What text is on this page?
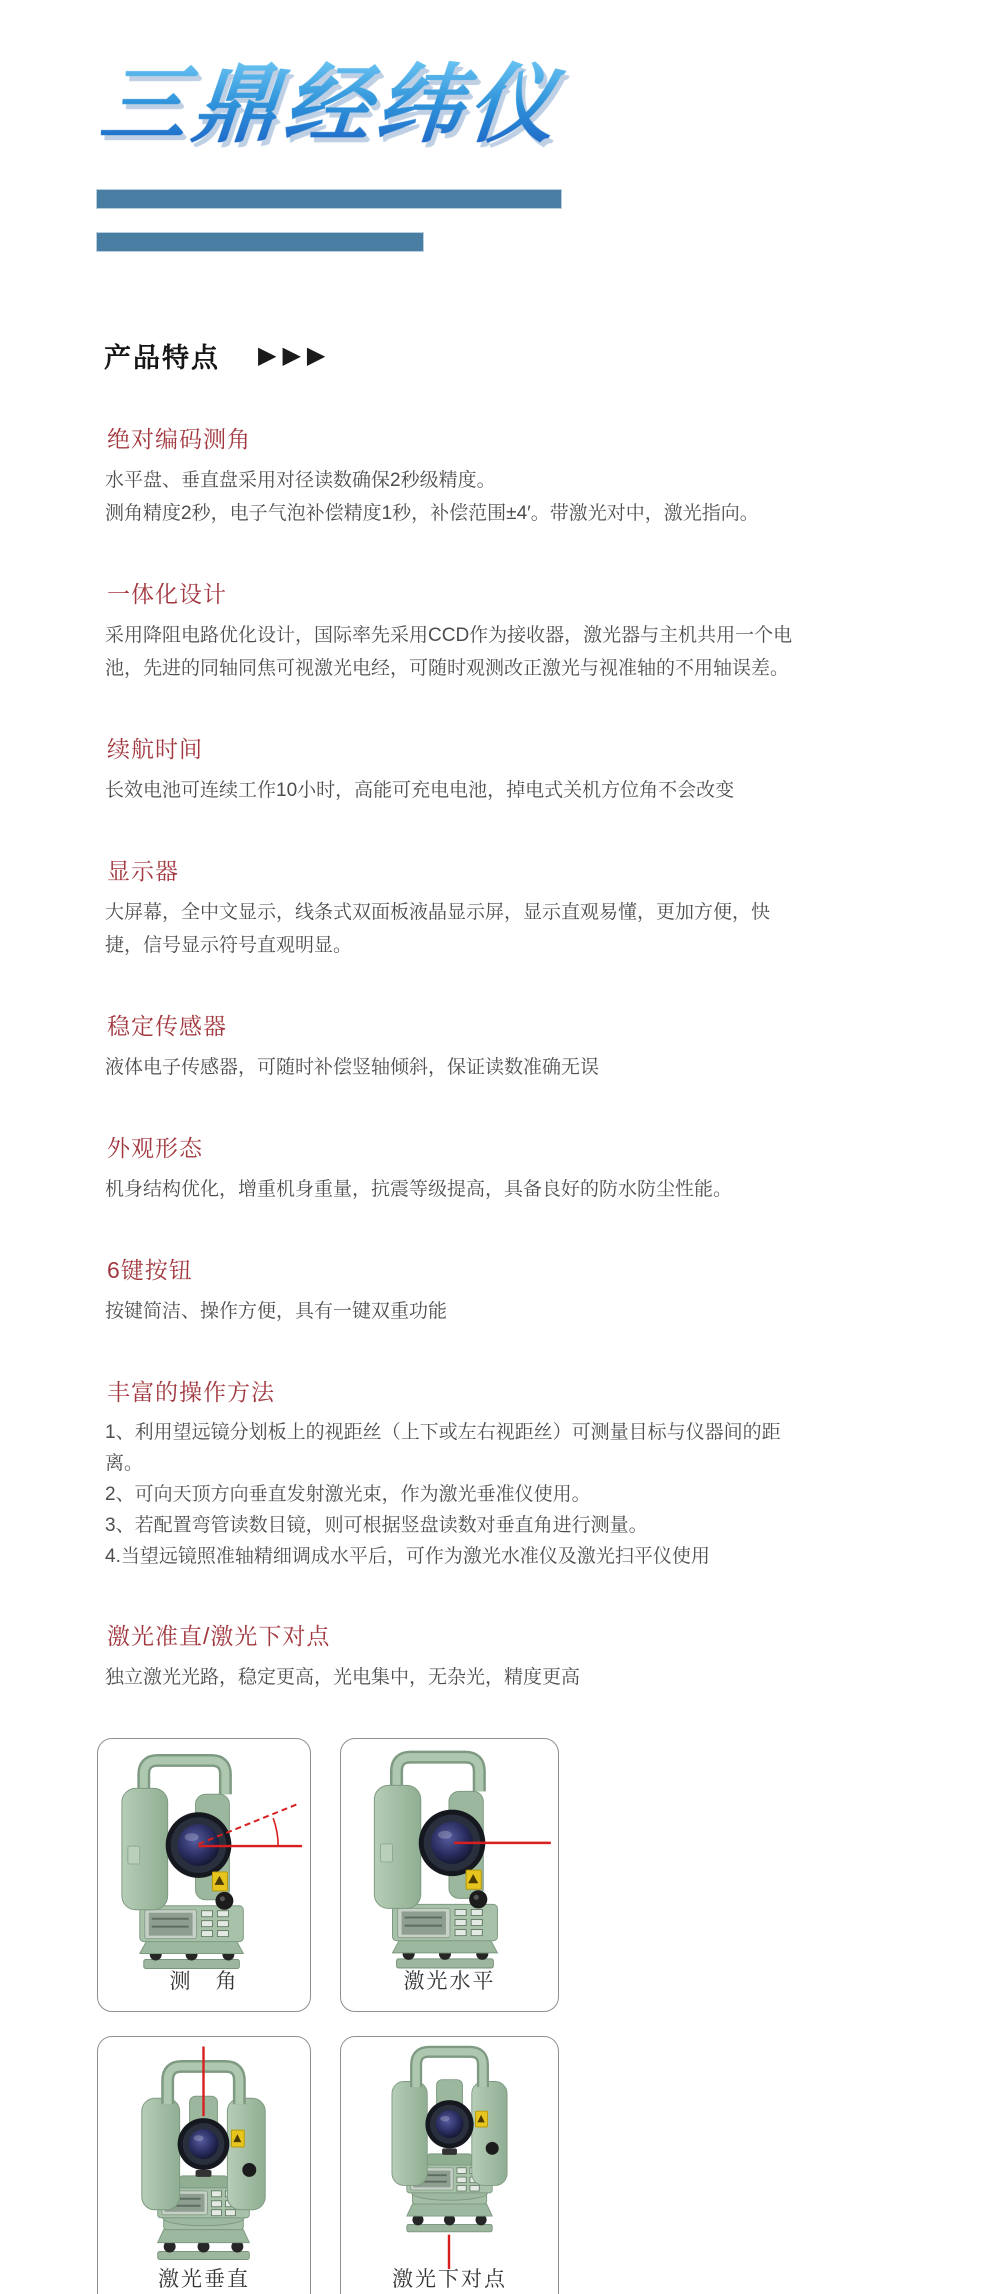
三鼎经纬仪
产品特点 ▶▶▶
绝对编码测角

水平盘、垂直盘采用对径读数确保2秒级精度。

测角精度2秒，电子气泡补偿精度1秒，补偿范围±4′。带激光对中，激光指向。

一体化设计

采用降阻电路优化设计，国际率先采用CCD作为接收器，激光器与主机共用一个电池，先进的同轴同焦可视激光电经，可随时观测改正激光与视准轴的不用轴误差。

续航时间

长效电池可连续工作10小时，高能可充电电池，掉电式关机方位角不会改变

显示器

大屏幕，全中文显示，线条式双面板液晶显示屏，显示直观易懂，更加方便，快捷，信号显示符号直观明显。

稳定传感器

液体电子传感器，可随时补偿竖轴倾斜，保证读数准确无误

外观形态

机身结构优化，增重机身重量，抗震等级提高，具备良好的防水防尘性能。

6键按钮

按键简洁、操作方便，具有一键双重功能

丰富的操作方法

1、利用望远镜分划板上的视距丝（上下或左右视距丝）可测量目标与仪器间的距离。

2、可向天顶方向垂直发射激光束，作为激光垂准仪使用。

3、若配置弯管读数目镜，则可根据竖盘读数对垂直角进行测量。

4.当望远镜照准轴精细调成水平后，可作为激光水准仪及激光扫平仪使用

激光准直/激光下对点

独立激光光路，稳定更高，光电集中，无杂光，精度更高

测　角	激光水平
激光垂直	激光下对点
